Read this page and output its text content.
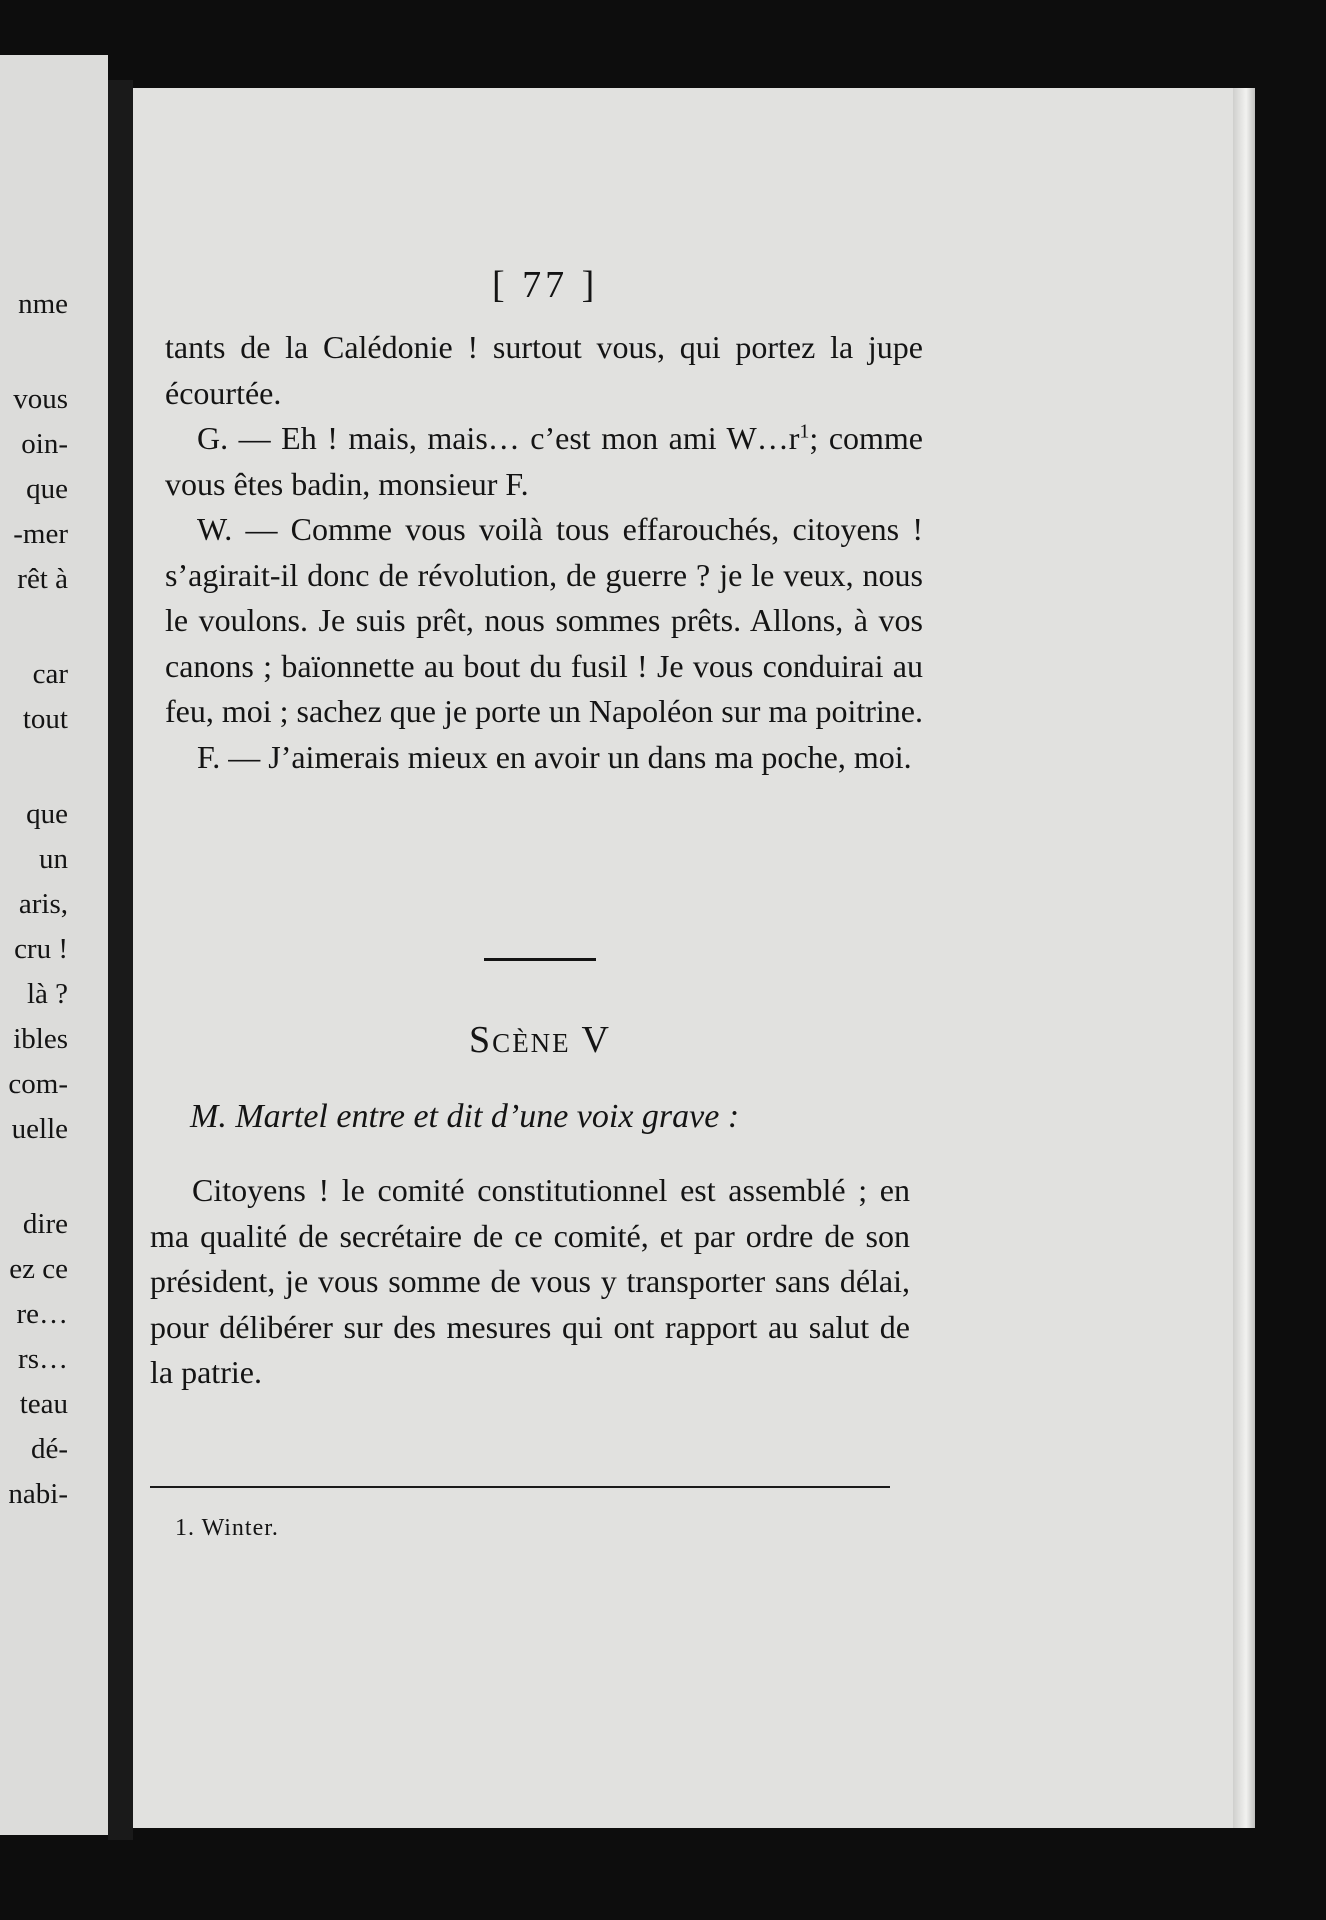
nme
vous
oin-
que
-mer
rêt à
car
tout
que
un
aris,
cru !
là ?
ibles
com-
uelle
dire
ez ce
re…
rs…
teau
dé-
nabi-
[ 77 ]

tants de la Calédonie ! surtout vous, qui portez la jupe écourtée.

G. — Eh ! mais, mais… c’est mon ami $W\dots r^1$; comme vous êtes badin, monsieur F.

W. — Comme vous voilà tous effarouchés, citoyens ! s’agirait-il donc de révolution, de guerre ? je le veux, nous le voulons. Je suis prêt, nous sommes prêts. Allons, à vos canons ; baïonnette au bout du fusil ! Je vous conduirai au feu, moi ; sachez que je porte un Napoléon sur ma poitrine.

F. — J’aimerais mieux en avoir un dans ma poche, moi.

Scène V
M. Martel entre et dit d’une voix grave :

Citoyens ! le comité constitutionnel est assemblé ; en ma qualité de secrétaire de ce comité, et par ordre de son président, je vous somme de vous y transporter sans délai, pour délibérer sur des mesures qui ont rapport au salut de la patrie.

1. Winter.
